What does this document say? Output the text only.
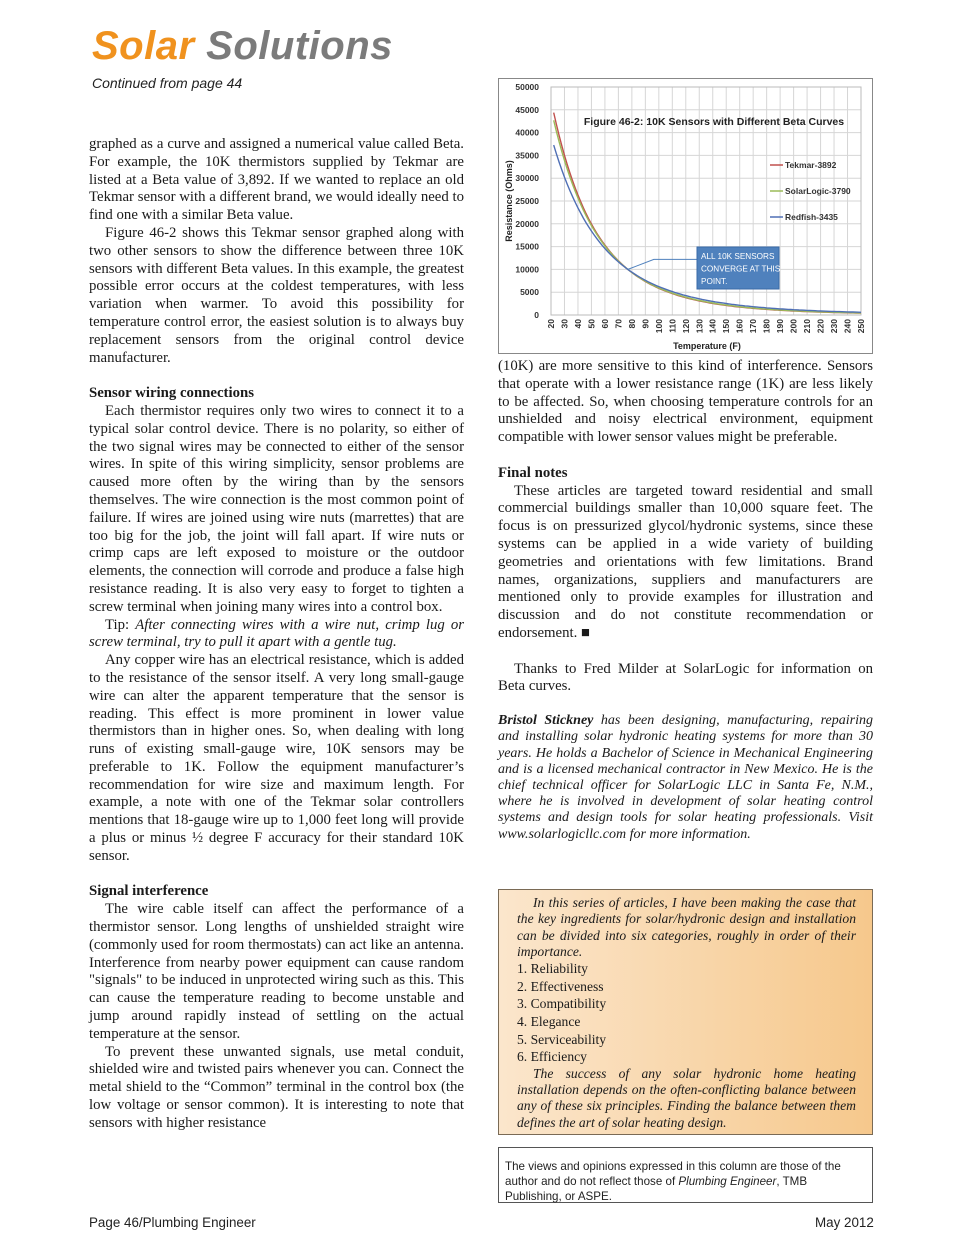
Solar Solutions
Continued from page 44

graphed as a curve and assigned a numerical value called Beta. For example, the 10K thermistors supplied by Tekmar are listed at a Beta value of 3,892. If we wanted to replace an old Tekmar sensor with a different brand, we would ideally need to find one with a similar Beta value.

Figure 46-2 shows this Tekmar sensor graphed along with two other sensors to show the difference between three 10K sensors with different Beta values. In this example, the greatest possible error occurs at the coldest temperatures, with less variation when warmer. To avoid this possibility for temperature control error, the easiest solution is to always buy replacement sensors from the original control device manufacturer.

Sensor wiring connections

Each thermistor requires only two wires to connect it to a typical solar control device. There is no polarity, so either of the two signal wires may be connected to either of the sensor wires. In spite of this wiring simplicity, sensor problems are caused more often by the wiring than by the sensors themselves. The wire connection is the most common point of failure. If wires are joined using wire nuts (marrettes) that are too big for the job, the joint will fall apart. If wire nuts or crimp caps are left exposed to moisture or the outdoor elements, the connection will corrode and produce a false high resistance reading. It is also very easy to forget to tighten a screw terminal when joining many wires into a control box.

Tip: After connecting wires with a wire nut, crimp lug or screw terminal, try to pull it apart with a gentle tug.

Any copper wire has an electrical resistance, which is added to the resistance of the sensor itself. A very long small-gauge wire can alter the apparent temperature that the sensor is reading. This effect is more prominent in lower value thermistors than in higher ones. So, when dealing with long runs of existing small-gauge wire, 10K sensors may be preferable to 1K. Follow the equipment manufacturer’s recommendation for wire size and maximum length. For example, a note with one of the Tekmar solar controllers mentions that 18-gauge wire up to 1,000 feet long will provide a plus or minus ½ degree F accuracy for their standard 10K sensor.

Signal interference

The wire cable itself can affect the performance of a thermistor sensor. Long lengths of unshielded straight wire (commonly used for room thermostats) can act like an antenna. Interference from nearby power equipment can cause random "signals" to be induced in unprotected wiring such as this. This can cause the temperature reading to become unstable and jump around rapidly instead of settling on the actual temperature at the sensor.

To prevent these unwanted signals, use metal conduit, shielded wire and twisted pairs whenever you can. Connect the metal shield to the “Common” terminal in the control box (the low voltage or sensor common). It is interesting to note that sensors with higher resistance

0
5000
10000
15000
20000
25000
30000
35000
40000
45000
50000
20 30 40 50 60 70 80 90 100 110 120 130 140 150 160 170 180 190 200 210 220 230 240 250
Tekmar-3892
SolarLogic-3790
Redfish-3435
ALL 10K SENSORS
CONVERGE AT THIS
POINT.
Figure 46-2: 10K Sensors with Different Beta Curves
Temperature (F)
Resistance (Ohms)

(10K) are more sensitive to this kind of interference. Sensors that operate with a lower resistance range (1K) are less likely to be affected. So, when choosing temperature controls for an unshielded and noisy electrical environment, equipment compatible with lower sensor values might be preferable.

Final notes

These articles are targeted toward residential and small commercial buildings smaller than 10,000 square feet. The focus is on pressurized glycol/hydronic systems, since these systems can be applied in a wide variety of building geometries and orientations with few limitations. Brand names, organizations, suppliers and manufacturers are mentioned only to provide examples for illustration and discussion and do not constitute recommendation or endorsement. ■

Thanks to Fred Milder at SolarLogic for information on Beta curves.

Bristol Stickney has been designing, manufacturing, repairing and installing solar hydronic heating systems for more than 30 years. He holds a Bachelor of Science in Mechanical Engineering and is a licensed mechanical contractor in New Mexico. He is the chief technical officer for SolarLogic LLC in Santa Fe, N.M., where he is involved in development of solar heating control systems and design tools for solar heating professionals. Visit www.solarlogicllc.com for more information.

In this series of articles, I have been making the case that the key ingredients for solar/hydronic design and installation can be divided into six categories, roughly in order of their importance.

1. Reliability
2. Effectiveness
3. Compatibility
4. Elegance
5. Serviceability
6. Efficiency

The success of any solar hydronic home heating installation depends on the often-conflicting balance between any of these six principles. Finding the balance between them defines the art of solar heating design.

The views and opinions expressed in this column are those of the author and do not reflect those of Plumbing Engineer, TMB Publishing, or ASPE.
Page 46/Plumbing Engineer	May 2012
